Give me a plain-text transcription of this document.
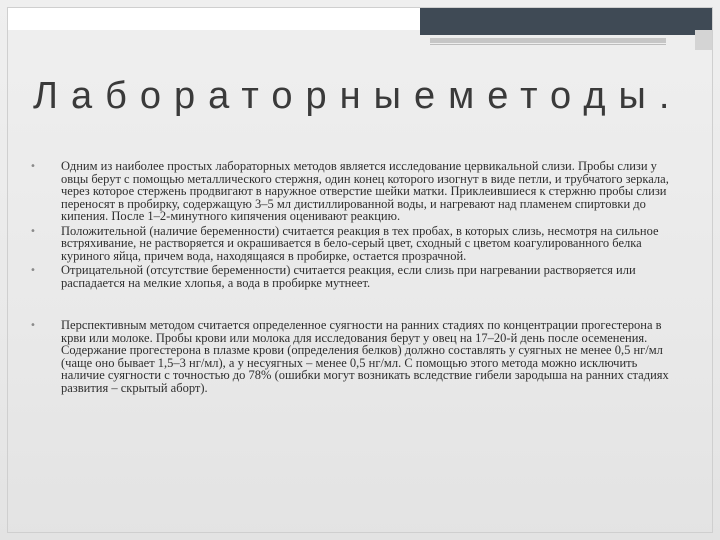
Лабораторныеметоды.
• Одним из наиболее простых лабораторных методов является исследование цервикальной слизи. Пробы слизи у овцы берут с помощью металлического стержня, один конец которого изогнут в виде петли, и трубчатого зеркала, через которое стержень продвигают в наружное отверстие шейки матки. Приклеившиеся к стержню пробы слизи переносят в пробирку, содержащую 3–5 мл дистиллированной воды, и нагревают над пламенем спиртовки до кипения. После 1–2-минутного кипячения оценивают реакцию.
• Положительной (наличие беременности) считается реакция в тех пробах, в которых слизь, несмотря на сильное встряхивание, не растворяется и окрашивается в бело-серый цвет, сходный с цветом коагулированного белка куриного яйца, причем вода, находящаяся в пробирке, остается прозрачной.
• Отрицательной (отсутствие беременности) считается реакция, если слизь при нагревании растворяется или распадается на мелкие хлопья, а вода в пробирке мутнеет.
• Перспективным методом считается определенное суягности на ранних стадиях по концентрации прогестерона в крви или молоке. Пробы крови или молока для исследования берут у овец на 17–20-й день после осеменения. Содержание прогестерона в плазме крови (определения белков) должно составлять у суягных не менее 0,5 нг/мл (чаще оно бывает 1,5–3 нг/мл), а у несуягных – менее 0,5 нг/мл. С помощью этого метода можно исключить наличие суягности с точностью до 78% (ошибки могут возникать вследствие гибели зародыша на ранних стадиях развития – скрытый аборт).
